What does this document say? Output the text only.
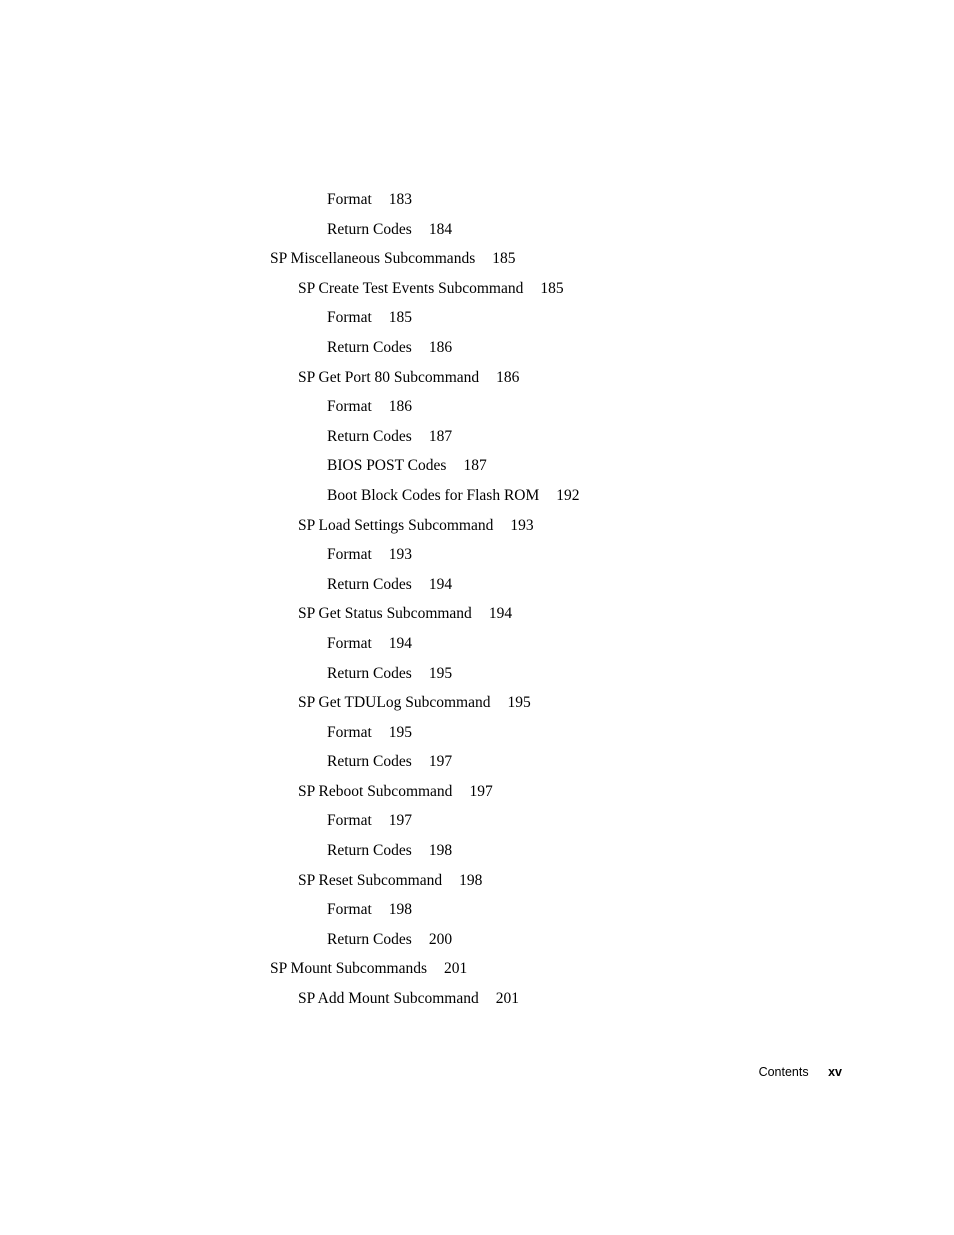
Format 183
Return Codes 184
SP Miscellaneous Subcommands 185
SP Create Test Events Subcommand 185
Format 185
Return Codes 186
SP Get Port 80 Subcommand 186
Format 186
Return Codes 187
BIOS POST Codes 187
Boot Block Codes for Flash ROM 192
SP Load Settings Subcommand 193
Format 193
Return Codes 194
SP Get Status Subcommand 194
Format 194
Return Codes 195
SP Get TDULog Subcommand 195
Format 195
Return Codes 197
SP Reboot Subcommand 197
Format 197
Return Codes 198
SP Reset Subcommand 198
Format 198
Return Codes 200
SP Mount Subcommands 201
SP Add Mount Subcommand 201
Contents xv
